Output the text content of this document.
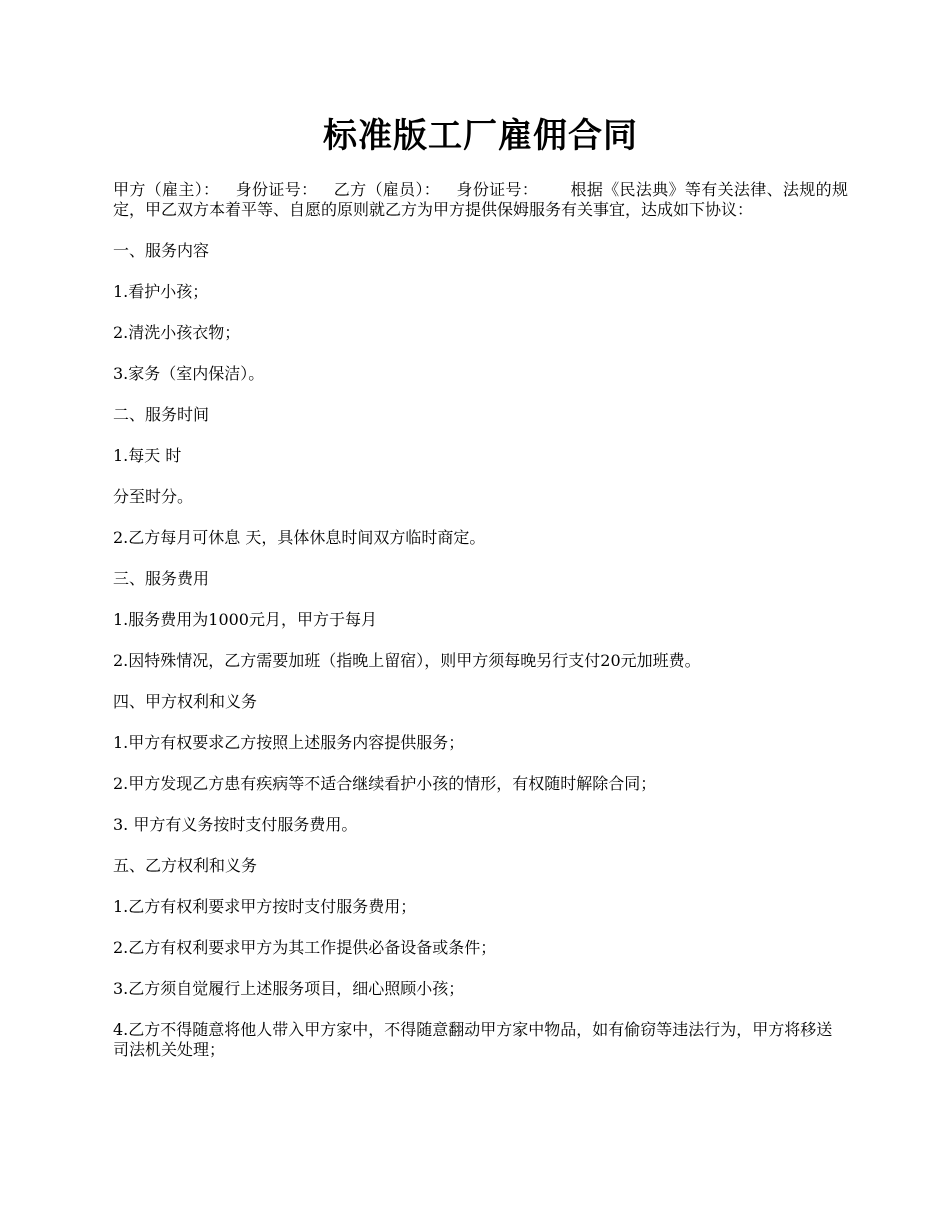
标准版工厂雇佣合同

甲方（雇主）： 身份证号： 乙方（雇员）： 身份证号： 根据《民法典》等有关法律、法规的规定，甲乙双方本着平等、自愿的原则就乙方为甲方提供保姆服务有关事宜，达成如下协议：

一、服务内容

1.看护小孩；

2.清洗小孩衣物；

3.家务（室内保洁）。

二、服务时间

1.每天 时

分至时分。

2.乙方每月可休息 天，具体休息时间双方临时商定。

三、服务费用

1.服务费用为1000元月，甲方于每月

2.因特殊情况，乙方需要加班（指晚上留宿），则甲方须每晚另行支付20元加班费。

四、甲方权利和义务

1.甲方有权要求乙方按照上述服务内容提供服务；

2.甲方发现乙方患有疾病等不适合继续看护小孩的情形，有权随时解除合同；

3. 甲方有义务按时支付服务费用。

五、乙方权利和义务

1.乙方有权利要求甲方按时支付服务费用；

2.乙方有权利要求甲方为其工作提供必备设备或条件；

3.乙方须自觉履行上述服务项目，细心照顾小孩；

4.乙方不得随意将他人带入甲方家中，不得随意翻动甲方家中物品，如有偷窃等违法行为，甲方将移送司法机关处理；
